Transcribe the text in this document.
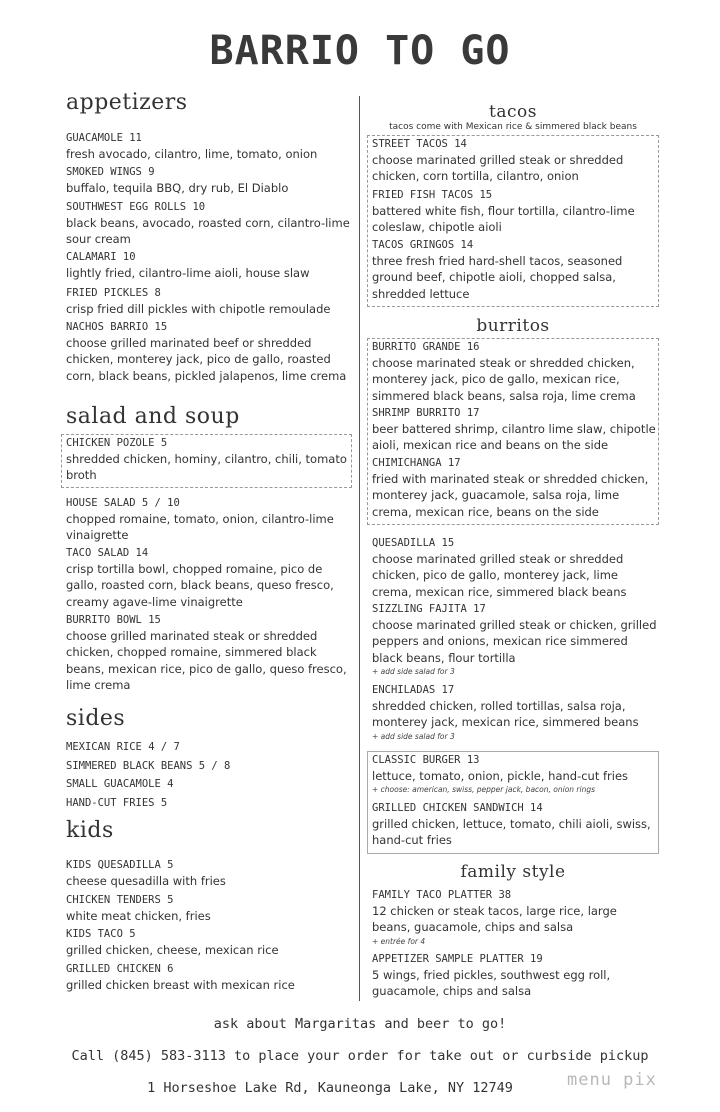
BARRIO TO GO
appetizers
GUACAMOLE 11
fresh avocado, cilantro, lime, tomato, onion
SMOKED WINGS 9
buffalo, tequila BBQ, dry rub, El Diablo
SOUTHWEST EGG ROLLS 10
black beans, avocado, roasted corn, cilantro-lime sour cream
CALAMARI 10
lightly fried, cilantro-lime aioli, house slaw
FRIED PICKLES 8
crisp fried dill pickles with chipotle remoulade
NACHOS BARRIO 15
choose grilled marinated beef or shredded chicken, monterey jack, pico de gallo, roasted corn, black beans, pickled jalapenos, lime crema
salad and soup
CHICKEN POZOLE 5
shredded chicken, hominy, cilantro, chili, tomato broth
HOUSE SALAD 5 / 10
chopped romaine, tomato, onion, cilantro-lime vinaigrette
TACO SALAD 14
crisp tortilla bowl, chopped romaine, pico de gallo, roasted corn, black beans, queso fresco, creamy agave-lime vinaigrette
BURRITO BOWL 15
choose grilled marinated steak or shredded chicken, chopped romaine, simmered black beans, mexican rice, pico de gallo, queso fresco, lime crema
sides
MEXICAN RICE 4 / 7
SIMMERED BLACK BEANS 5 / 8
SMALL GUACAMOLE 4
HAND-CUT FRIES 5
kids
KIDS QUESADILLA 5
cheese quesadilla with fries
CHICKEN TENDERS 5
white meat chicken, fries
KIDS TACO 5
grilled chicken, cheese, mexican rice
GRILLED CHICKEN 6
grilled chicken breast with mexican rice
tacos
tacos come with Mexican rice & simmered black beans
STREET TACOS 14
choose marinated grilled steak or shredded chicken, corn tortilla, cilantro, onion
FRIED FISH TACOS 15
battered white fish, flour tortilla, cilantro-lime coleslaw, chipotle aioli
TACOS GRINGOS 14
three fresh fried hard-shell tacos, seasoned ground beef, chipotle aioli, chopped salsa, shredded lettuce
burritos
BURRITO GRANDE 16
choose marinated steak or shredded chicken, monterey jack, pico de gallo, mexican rice, simmered black beans, salsa roja, lime crema
SHRIMP BURRITO 17
beer battered shrimp, cilantro lime slaw, chipotle aioli, mexican rice and beans on the side
CHIMICHANGA 17
fried with marinated steak or shredded chicken, monterey jack, guacamole, salsa roja, lime crema, mexican rice, beans on the side
QUESADILLA 15
choose marinated grilled steak or shredded chicken, pico de gallo, monterey jack, lime crema, mexican rice, simmered black beans
SIZZLING FAJITA 17
choose marinated grilled steak or chicken, grilled peppers and onions, mexican rice simmered black beans, flour tortilla
+ add side salad for 3
ENCHILADAS 17
shredded chicken, rolled tortillas, salsa roja, monterey jack, mexican rice, simmered beans
+ add side salad for 3
CLASSIC BURGER 13
lettuce, tomato, onion, pickle, hand-cut fries
+ choose: american, swiss, pepper jack, bacon, onion rings
GRILLED CHICKEN SANDWICH 14
grilled chicken, lettuce, tomato, chili aioli, swiss, hand-cut fries
family style
FAMILY TACO PLATTER 38
12 chicken or steak tacos, large rice, large beans, guacamole, chips and salsa
+ entrée for 4
APPETIZER SAMPLE PLATTER 19
5 wings, fried pickles, southwest egg roll, guacamole, chips and salsa
ask about Margaritas and beer to go!
Call (845) 583-3113 to place your order for take out or curbside pickup
1 Horseshoe Lake Rd, Kauneonga Lake, NY 12749	menu pix
